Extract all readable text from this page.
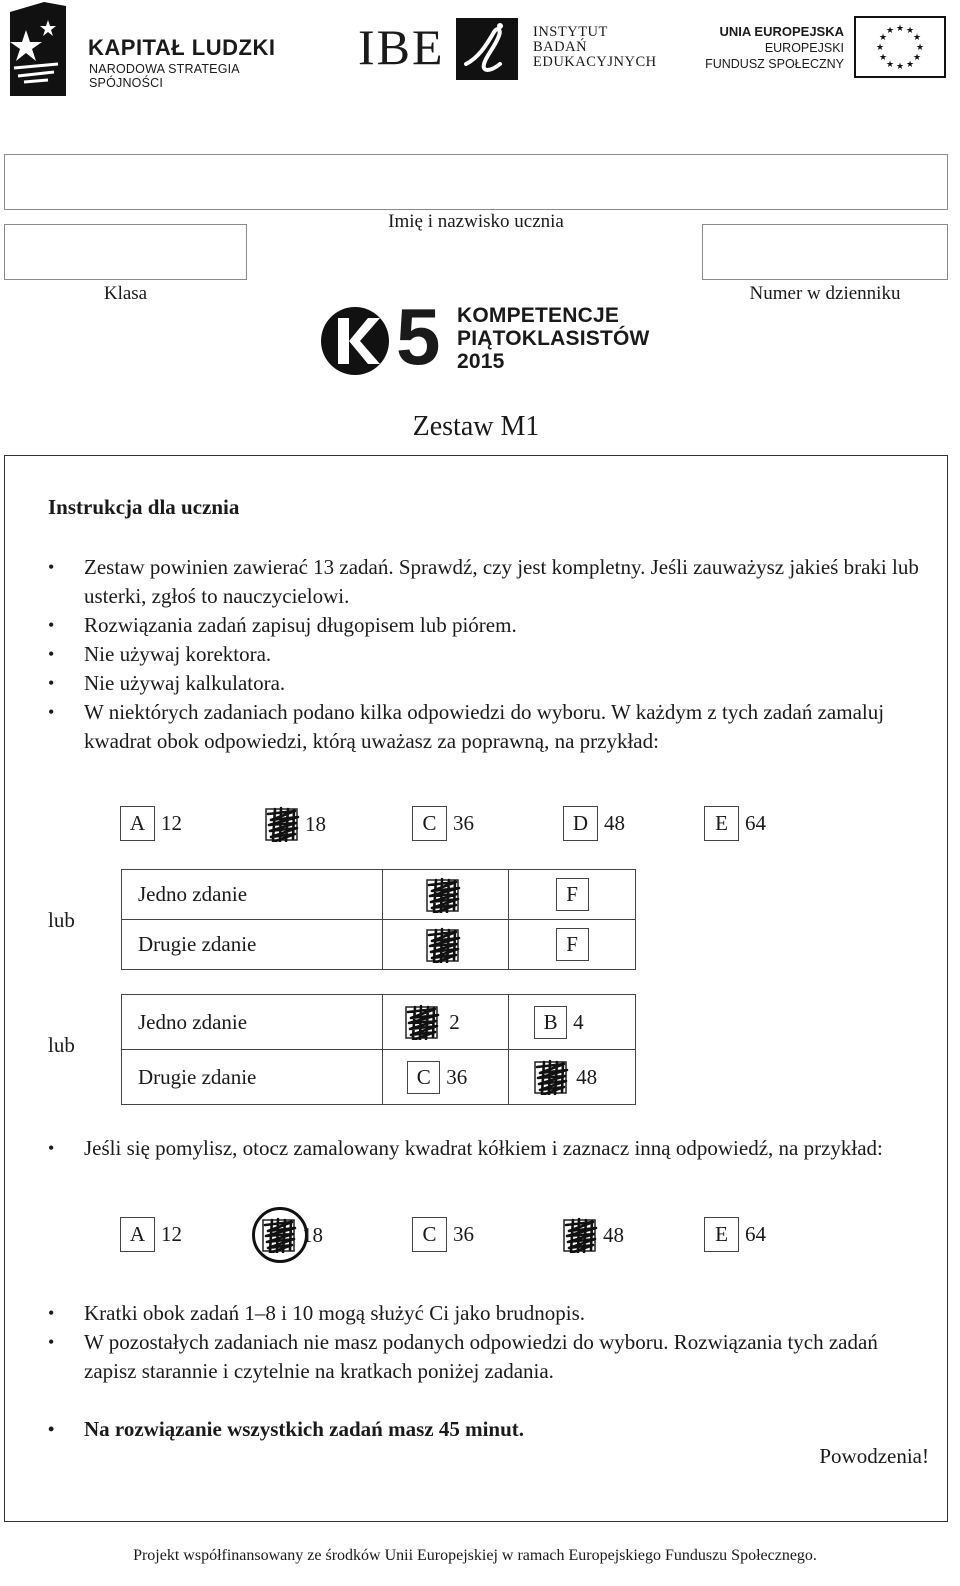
KAPITAŁ LUDZKI
NARODOWA STRATEGIA SPÓJNOŚCI
IBE	INSTYTUT
BADAŃ
EDUKACYJNYCH
UNIA EUROPEJSKA
EUROPEJSKI
FUNDUSZ SPOŁECZNY
★ ★
★
★
★
★
★
★
★
★
★
★
Imię i nazwisko ucznia
Klasa	Numer w dzienniku
5 KOMPETENCJE
PIĄTOKLASISTÓW
2015
Zestaw M1
Instrukcja dla ucznia
• Zestaw powinien zawierać 13 zadań. Sprawdź, czy jest kompletny. Jeśli zauważysz jakieś braki lub usterki, zgłoś to nauczycielowi.
• Rozwiązania zadań zapisuj długopisem lub piórem.
• Nie używaj korektora.
• Nie używaj kalkulatora.
• W niektórych zadaniach podano kilka odpowiedzi do wyboru. W każdym z tych zadań zamaluj kwadrat obok odpowiedzi, którą uważasz za poprawną, na przykład:
A 12	18	C 36	D 48	E 64
lub
Jedno zdanie		F
Drugie zdanie		F
lub
Jedno zdanie	2	B 4

Drugie zdanie	C 36	48
• Jeśli się pomylisz, otocz zamalowany kwadrat kółkiem i zaznacz inną odpowiedź, na przykład:
A 12	18	C 36	48	E 64
• Kratki obok zadań 1–8 i 10 mogą służyć Ci jako brudnopis.
• W pozostałych zadaniach nie masz podanych odpowiedzi do wyboru. Rozwiązania tych zadań zapisz starannie i czytelnie na kratkach poniżej zadania.
• Na rozwiązanie wszystkich zadań masz 45 minut.
Powodzenia!
Projekt współfinansowany ze środków Unii Europejskiej w ramach Europejskiego Funduszu Społecznego.
